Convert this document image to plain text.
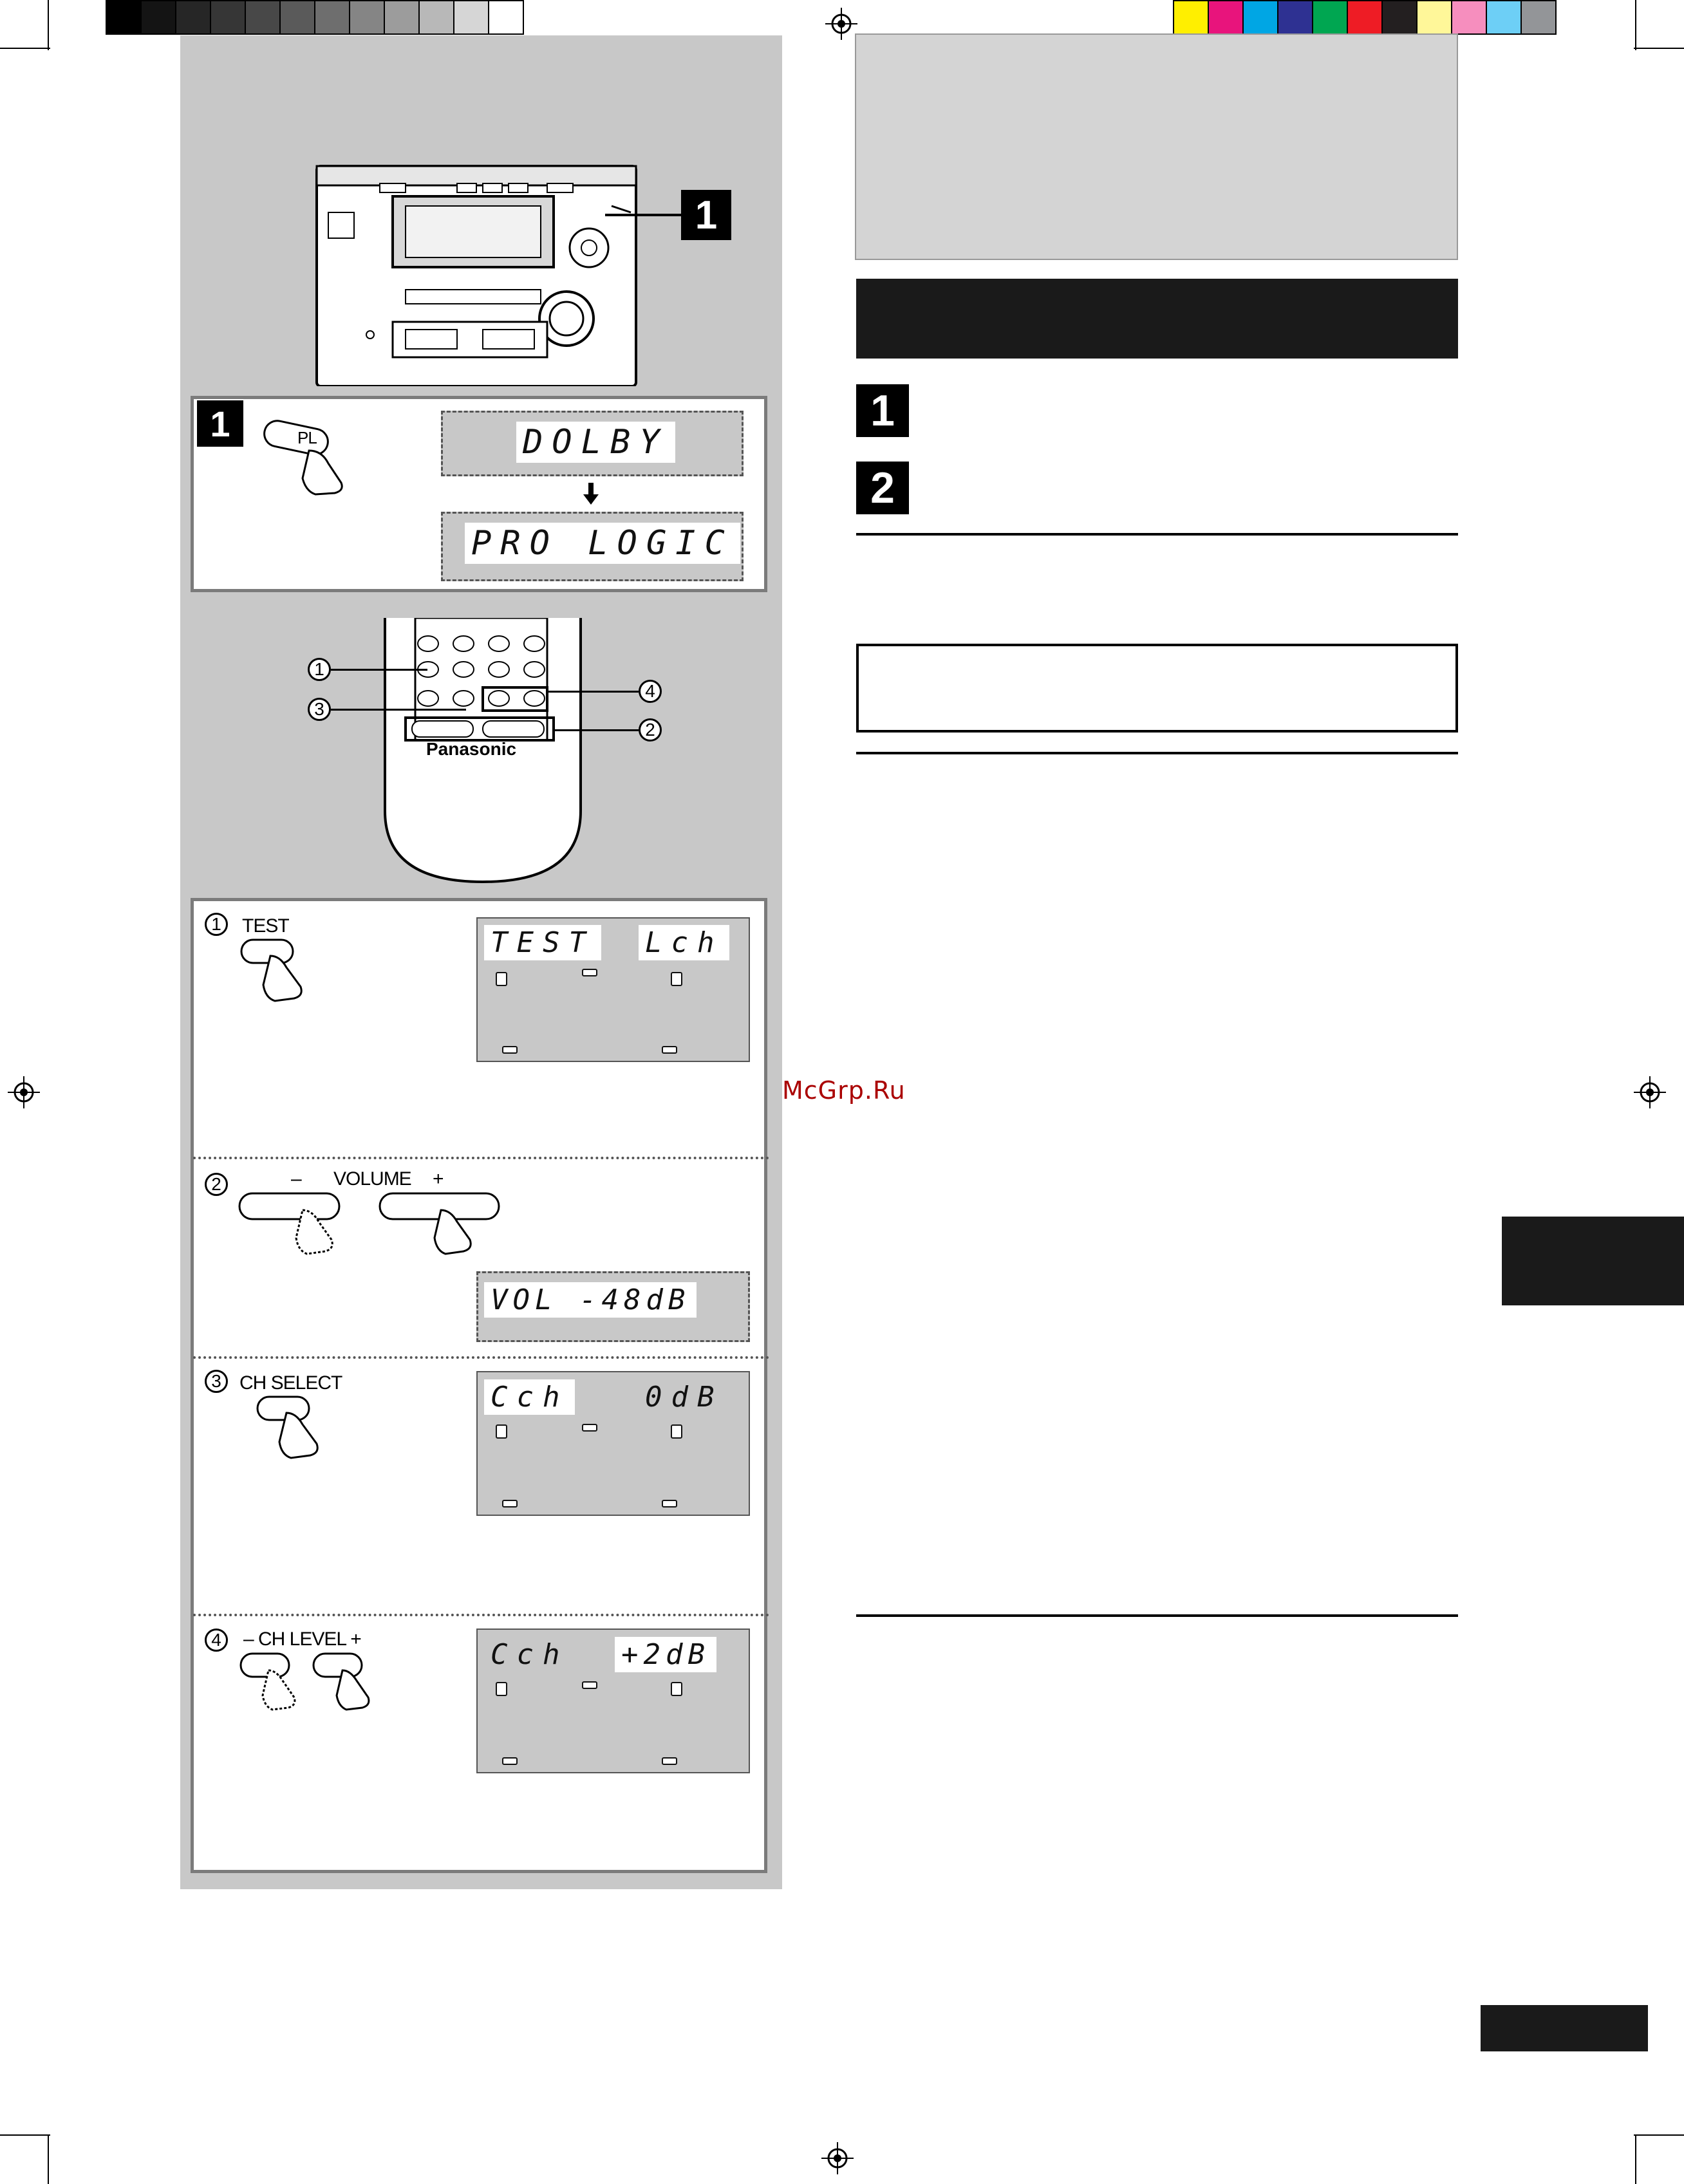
1
1	PL	DOLBY
PRO LOGIC
Panasonic
1
3
4
2
1	TEST
TEST Lch
2	– VOLUME +
VOL -48dB
3 CH SELECT	Cch	0dB
4	– CH LEVEL +	Cch +2dB
1
2
McGrp.Ru
